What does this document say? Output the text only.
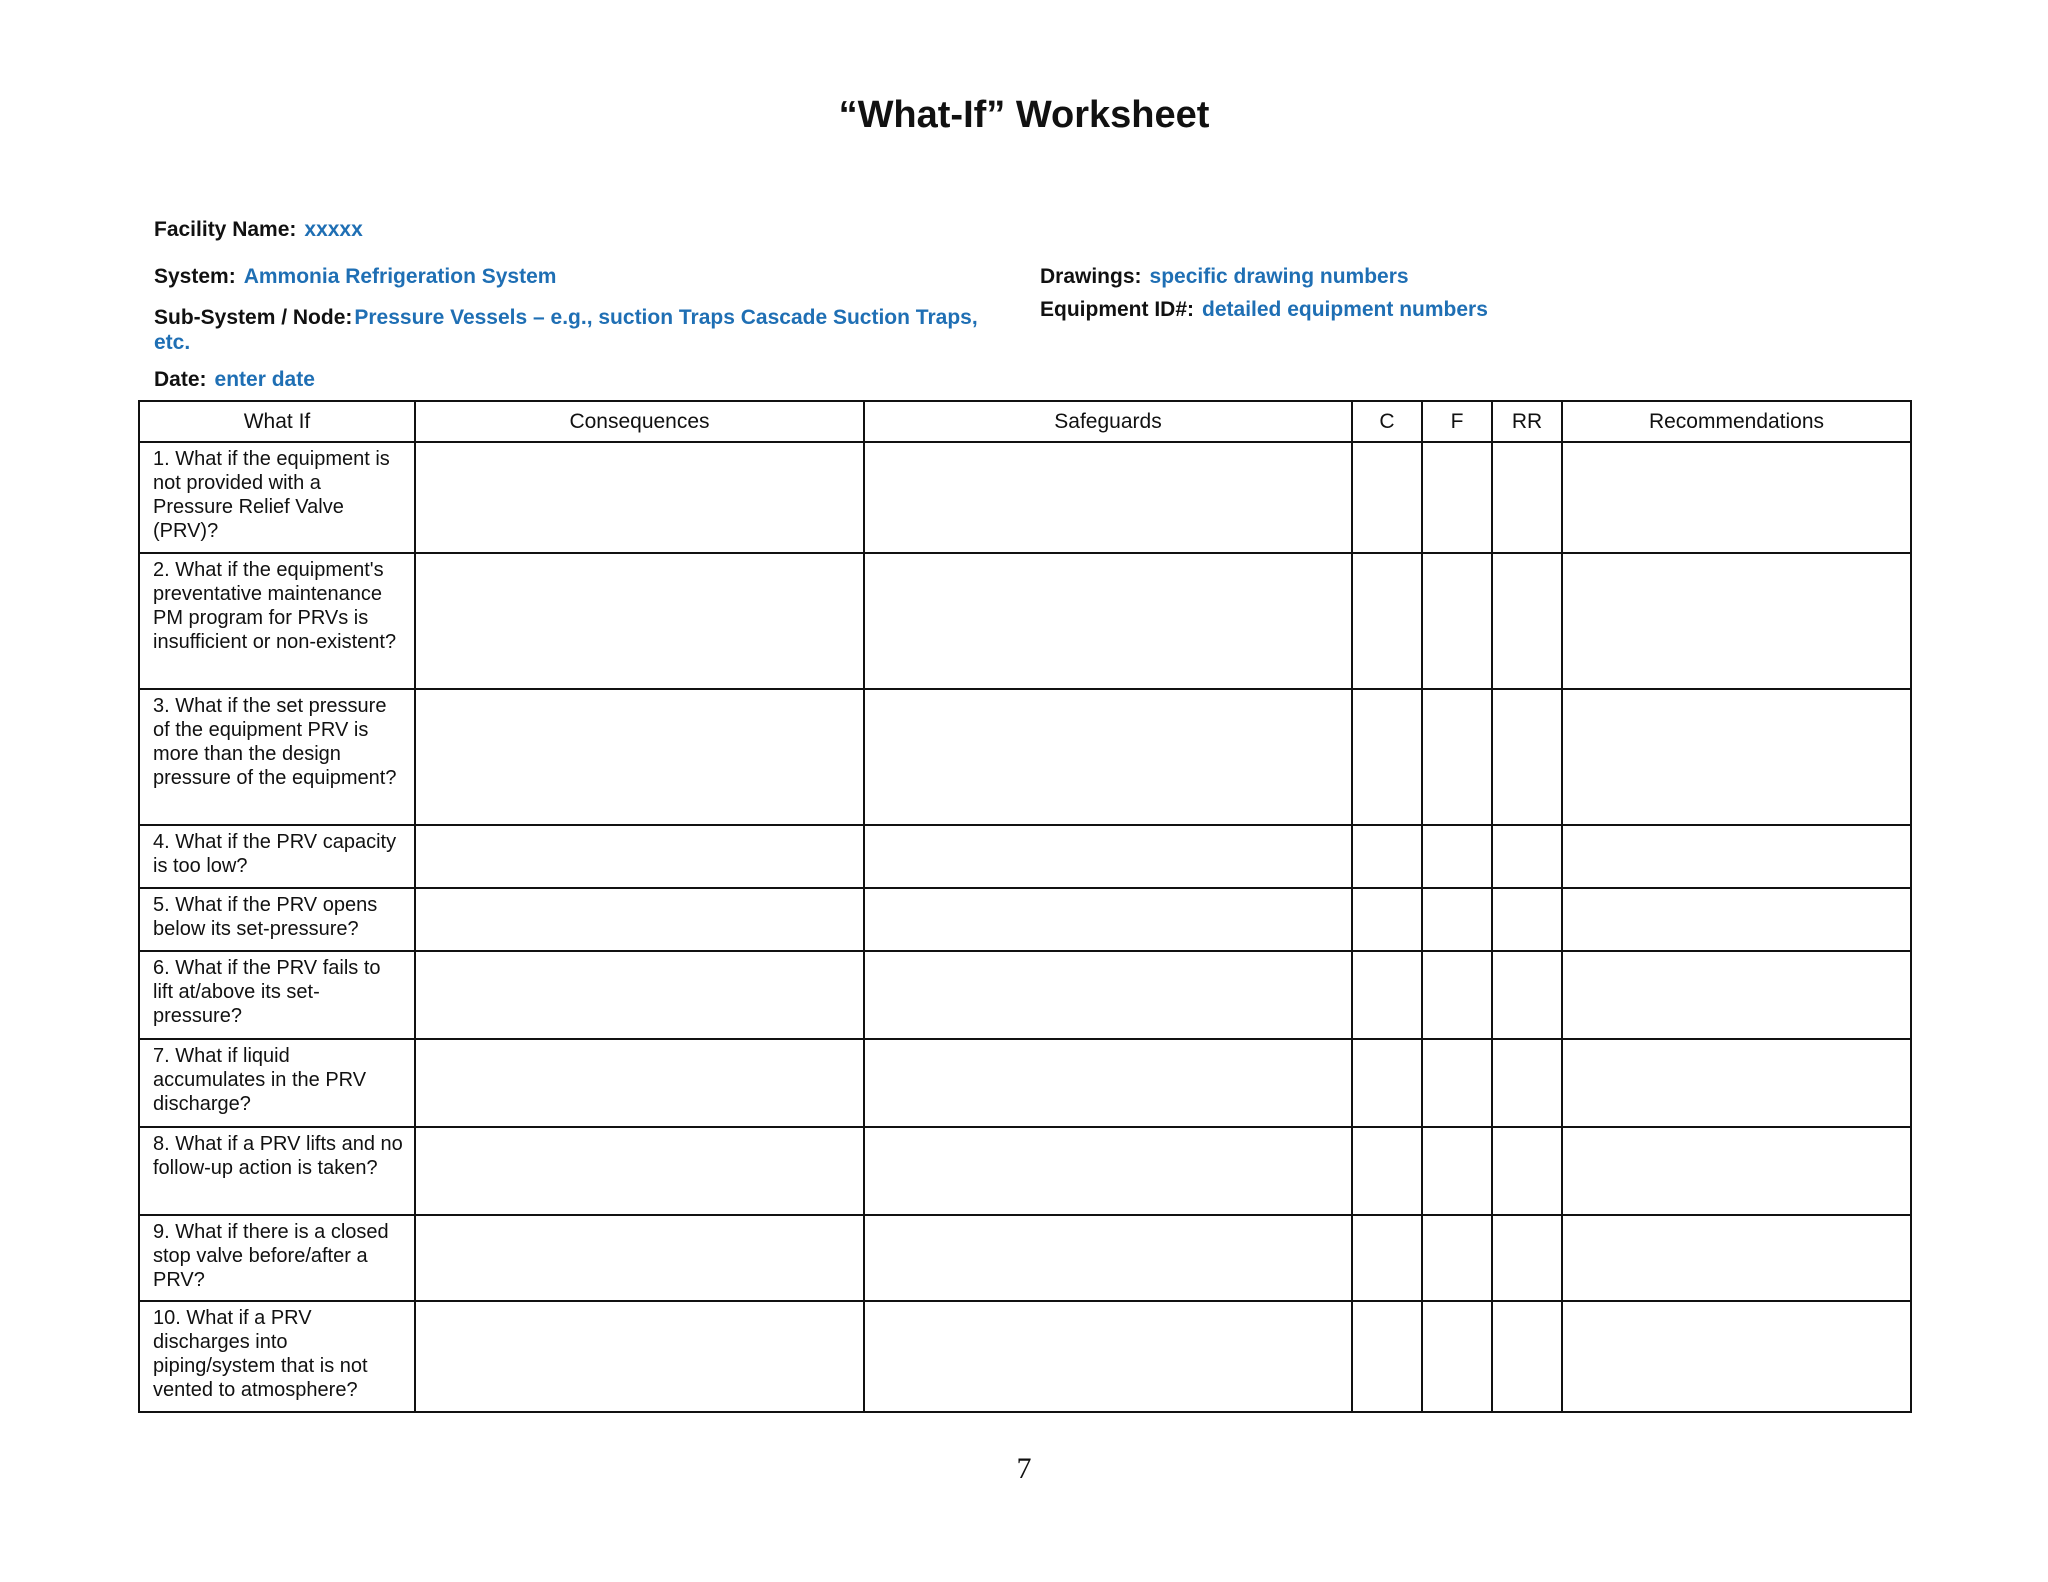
“What-If” Worksheet
Facility Name: xxxxx
System: Ammonia Refrigeration System
Sub-System / Node:Pressure Vessels – e.g., suction Traps Cascade Suction Traps, etc.
Date: enter date
Drawings: specific drawing numbers
Equipment ID#: detailed equipment numbers
What If	Consequences	Safeguards	C	F	RR	Recommendations
1. What if the equipment is not provided with a Pressure Relief Valve (PRV)?						
2. What if the equipment's preventative maintenance PM program for PRVs is insufficient or non-existent?						
3. What if the set pressure of the equipment PRV is more than the design pressure of the equipment?						
4. What if the PRV capacity is too low?						
5. What if the PRV opens below its set-pressure?						
6. What if the PRV fails to lift at/above its set-pressure?						
7. What if liquid accumulates in the PRV discharge?						
8. What if a PRV lifts and no follow-up action is taken?						
9. What if there is a closed stop valve before/after a PRV?						
10. What if a PRV discharges into piping/system that is not vented to atmosphere?						
7
